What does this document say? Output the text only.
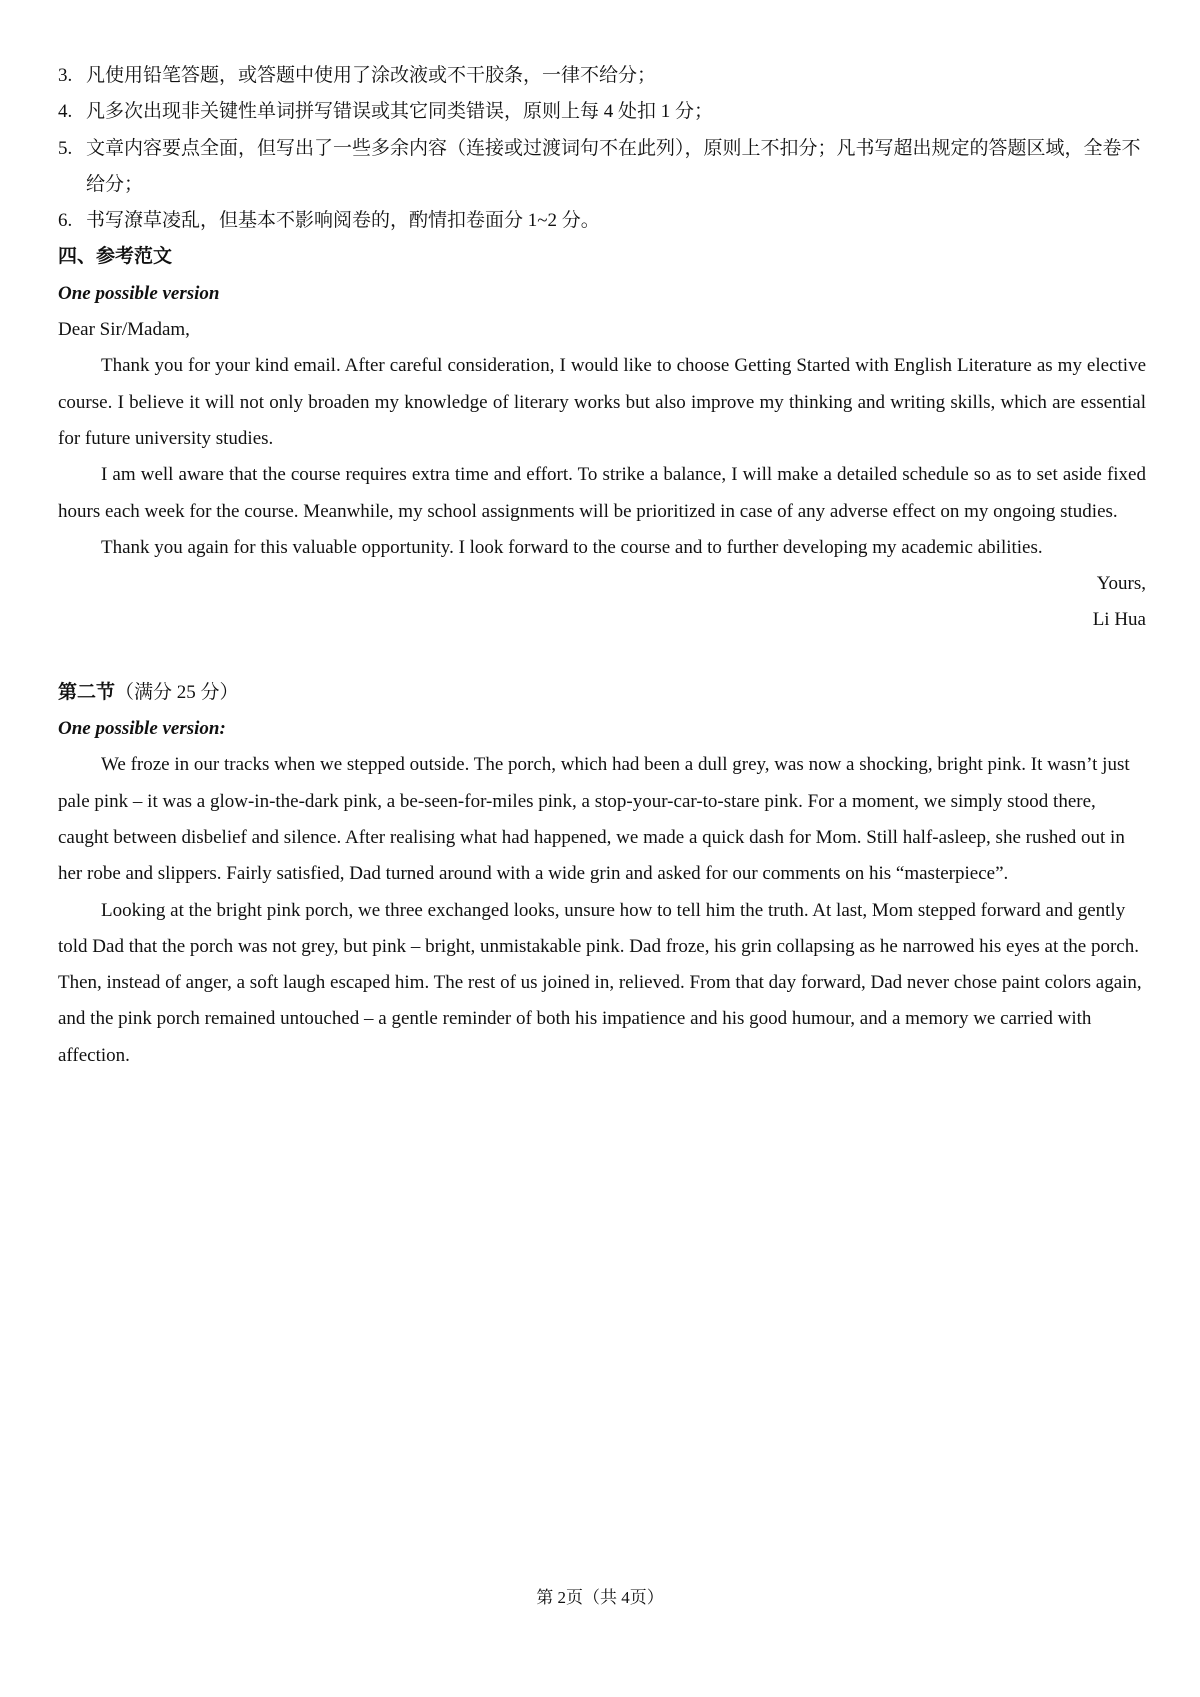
3. 凡使用铅笔答题，或答题中使用了涂改液或不干胶条，一律不给分；
4. 凡多次出现非关键性单词拼写错误或其它同类错误，原则上每 4 处扣 1 分；
5. 文章内容要点全面，但写出了一些多余内容（连接或过渡词句不在此列），原则上不扣分；凡书写超出规定的答题区域，全卷不给分；
6. 书写潦草凌乱，但基本不影响阅卷的，酌情扣卷面分 1~2 分。
四、参考范文
One possible version
Dear Sir/Madam,

Thank you for your kind email. After careful consideration, I would like to choose Getting Started with English Literature as my elective course. I believe it will not only broaden my knowledge of literary works but also improve my thinking and writing skills, which are essential for future university studies.

I am well aware that the course requires extra time and effort. To strike a balance, I will make a detailed schedule so as to set aside fixed hours each week for the course. Meanwhile, my school assignments will be prioritized in case of any adverse effect on my ongoing studies.

Thank you again for this valuable opportunity. I look forward to the course and to further developing my academic abilities.

Yours,
Li Hua
第二节（满分 25 分）
One possible version:

We froze in our tracks when we stepped outside. The porch, which had been a dull grey, was now a shocking, bright pink. It wasn’t just pale pink – it was a glow-in-the-dark pink, a be-seen-for-miles pink, a stop-your-car-to-stare pink. For a moment, we simply stood there, caught between disbelief and silence. After realising what had happened, we made a quick dash for Mom. Still half-asleep, she rushed out in her robe and slippers. Fairly satisfied, Dad turned around with a wide grin and asked for our comments on his “masterpiece”.

Looking at the bright pink porch, we three exchanged looks, unsure how to tell him the truth. At last, Mom stepped forward and gently told Dad that the porch was not grey, but pink – bright, unmistakable pink. Dad froze, his grin collapsing as he narrowed his eyes at the porch. Then, instead of anger, a soft laugh escaped him. The rest of us joined in, relieved. From that day forward, Dad never chose paint colors again, and the pink porch remained untouched – a gentle reminder of both his impatience and his good humour, and a memory we carried with affection.

第 2页（共 4页）
